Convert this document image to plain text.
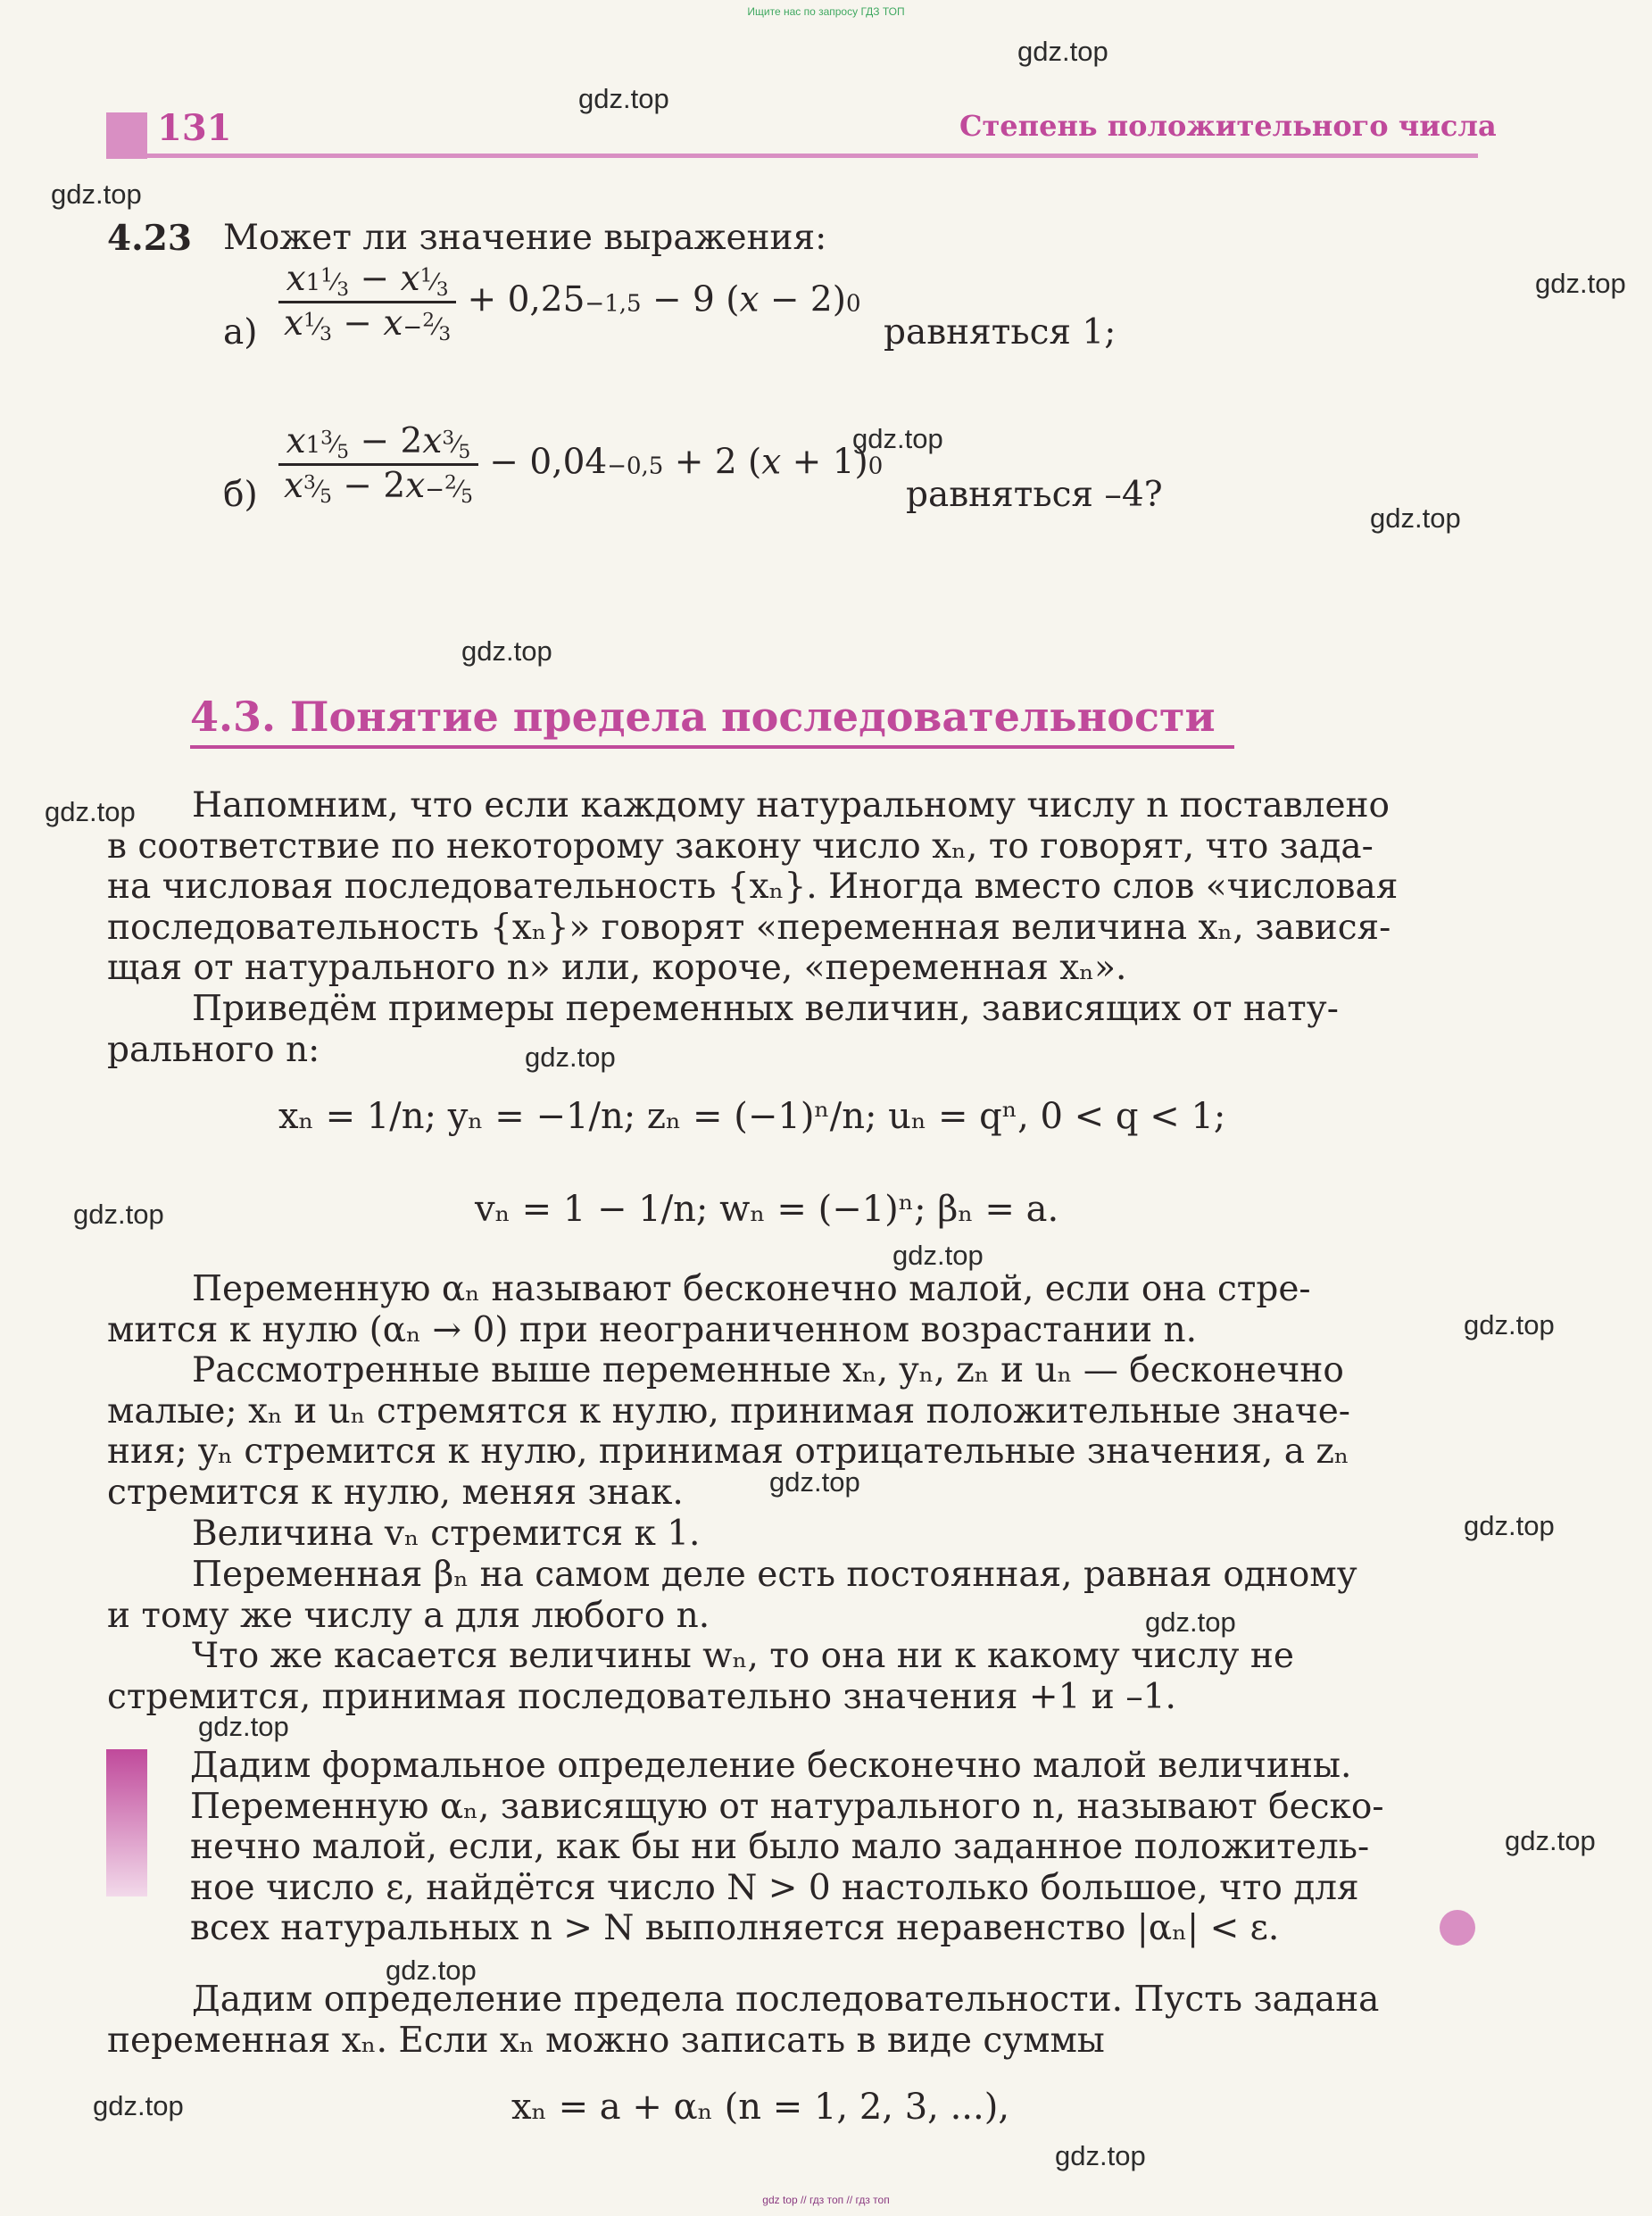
Ищите нас по запросу ГДЗ ТОП
gdz top // гдз топ // гдз топ
gdz.top
gdz.top
gdz.top
gdz.top
gdz.top
gdz.top
gdz.top
gdz.top
gdz.top
gdz.top
gdz.top
gdz.top
gdz.top
gdz.top
gdz.top
gdz.top
gdz.top
gdz.top
gdz.top
gdz.top
131	Степень положительного числа
4.23 Может ли значение выражения:
$а) \frac{x1^1⁄_3 - x^1⁄_3}{x^1⁄_3 - x-^2⁄_3} + 0,25-1,5 - 9$ (x − 2)0
равняться 1;
$б) \frac{x1^3⁄_5 - 2x^3⁄_5}{x^3⁄_5 - 2x-^2⁄_5} - 0,04-0,5 + 2$ (x + 1)0
равняться –4?
4.3. Понятие предела последовательности
Напомним, что если каждому натуральному числу n поставлено
в соответствие по некоторому закону число xₙ, то говорят, что зада-
на числовая последовательность {xₙ}. Иногда вместо слов «числовая
последовательность {xₙ}» говорят «переменная величина xₙ, завися-
щая от натурального n» или, короче, «переменная xₙ».
Приведём примеры переменных величин, зависящих от нату-
рального n:
xₙ = 1/n; yₙ = −1/n; zₙ = (−1)ⁿ/n; uₙ = qⁿ, 0 < q < 1;
vₙ = 1 − 1/n; wₙ = (−1)ⁿ; βₙ = a.
Переменную αₙ называют бесконечно малой, если она стре-
мится к нулю (αₙ → 0) при неограниченном возрастании n.
Рассмотренные выше переменные xₙ, yₙ, zₙ и uₙ — бесконечно
малые; xₙ и uₙ стремятся к нулю, принимая положительные значе-
ния; yₙ стремится к нулю, принимая отрицательные значения, а zₙ
стремится к нулю, меняя знак.
Величина vₙ стремится к 1.
Переменная βₙ на самом деле есть постоянная, равная одному
и тому же числу a для любого n.
Что же касается величины wₙ, то она ни к какому числу не
стремится, принимая последовательно значения +1 и –1.
Дадим формальное определение бесконечно малой величины.
Переменную αₙ, зависящую от натурального n, называют беско-
нечно малой, если, как бы ни было мало заданное положитель-
ное число ε, найдётся число N > 0 настолько большое, что для
всех натуральных n > N выполняется неравенство |αₙ| < ε.
Дадим определение предела последовательности. Пусть задана
переменная xₙ. Если xₙ можно записать в виде суммы
xₙ = a + αₙ (n = 1, 2, 3, ...),
